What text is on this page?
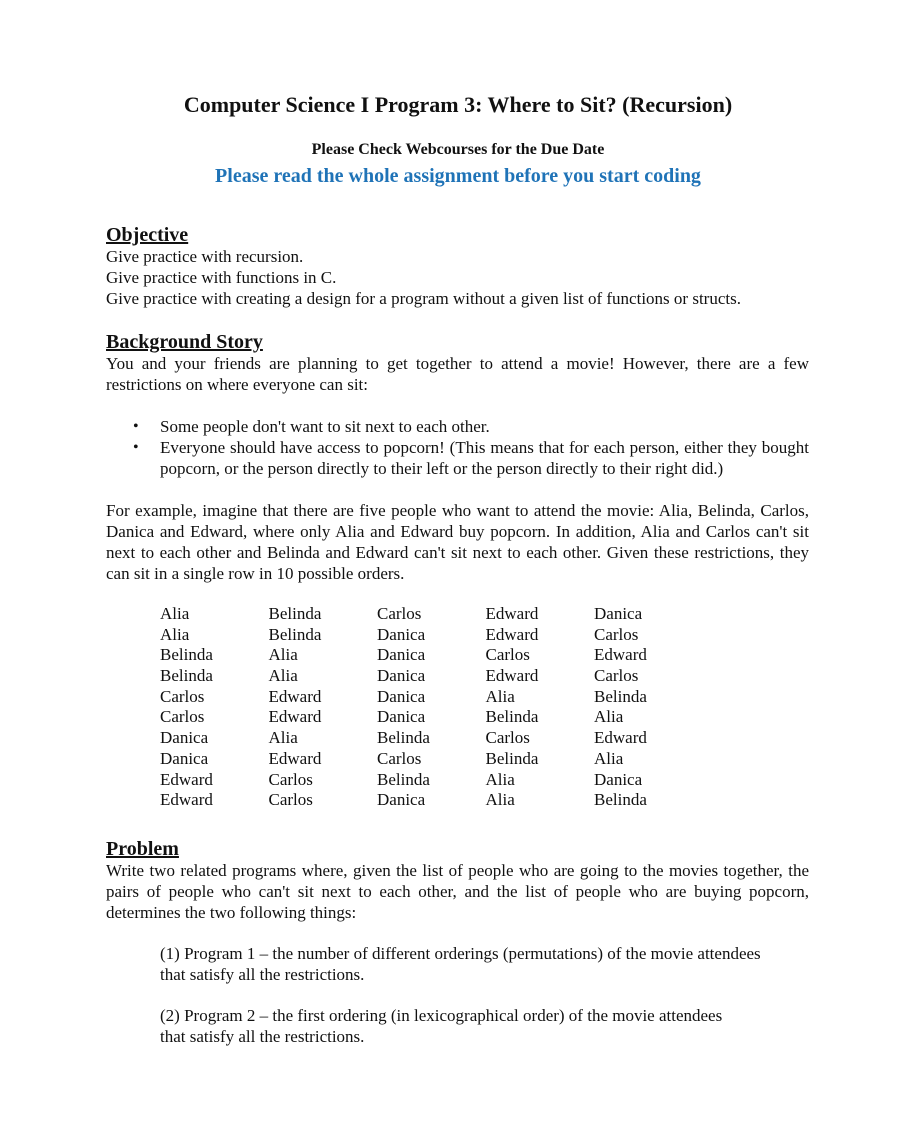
Computer Science I Program 3: Where to Sit? (Recursion)
Please Check Webcourses for the Due Date
Please read the whole assignment before you start coding
Objective
Give practice with recursion.
Give practice with functions in C.
Give practice with creating a design for a program without a given list of functions or structs.
Background Story
You and your friends are planning to get together to attend a movie! However, there are a few restrictions on where everyone can sit:
• Some people don't want to sit next to each other.
• Everyone should have access to popcorn! (This means that for each person, either they bought popcorn, or the person directly to their left or the person directly to their right did.)
For example, imagine that there are five people who want to attend the movie: Alia, Belinda, Carlos, Danica and Edward, where only Alia and Edward buy popcorn. In addition, Alia and Carlos can't sit next to each other and Belinda and Edward can't sit next to each other. Given these restrictions, they can sit in a single row in 10 possible orders.
Alia	Belinda	Carlos	Edward	Danica
Alia	Belinda	Danica	Edward	Carlos
Belinda	Alia	Danica	Carlos	Edward
Belinda	Alia	Danica	Edward	Carlos
Carlos	Edward	Danica	Alia	Belinda
Carlos	Edward	Danica	Belinda	Alia
Danica	Alia	Belinda	Carlos	Edward
Danica	Edward	Carlos	Belinda	Alia
Edward	Carlos	Belinda	Alia	Danica
Edward	Carlos	Danica	Alia	Belinda
Problem
Write two related programs where, given the list of people who are going to the movies together, the pairs of people who can't sit next to each other, and the list of people who are buying popcorn, determines the two following things:
(1) Program 1 – the number of different orderings (permutations) of the movie attendees
that satisfy all the restrictions.
(2) Program 2 – the first ordering (in lexicographical order) of the movie attendees
that satisfy all the restrictions.
